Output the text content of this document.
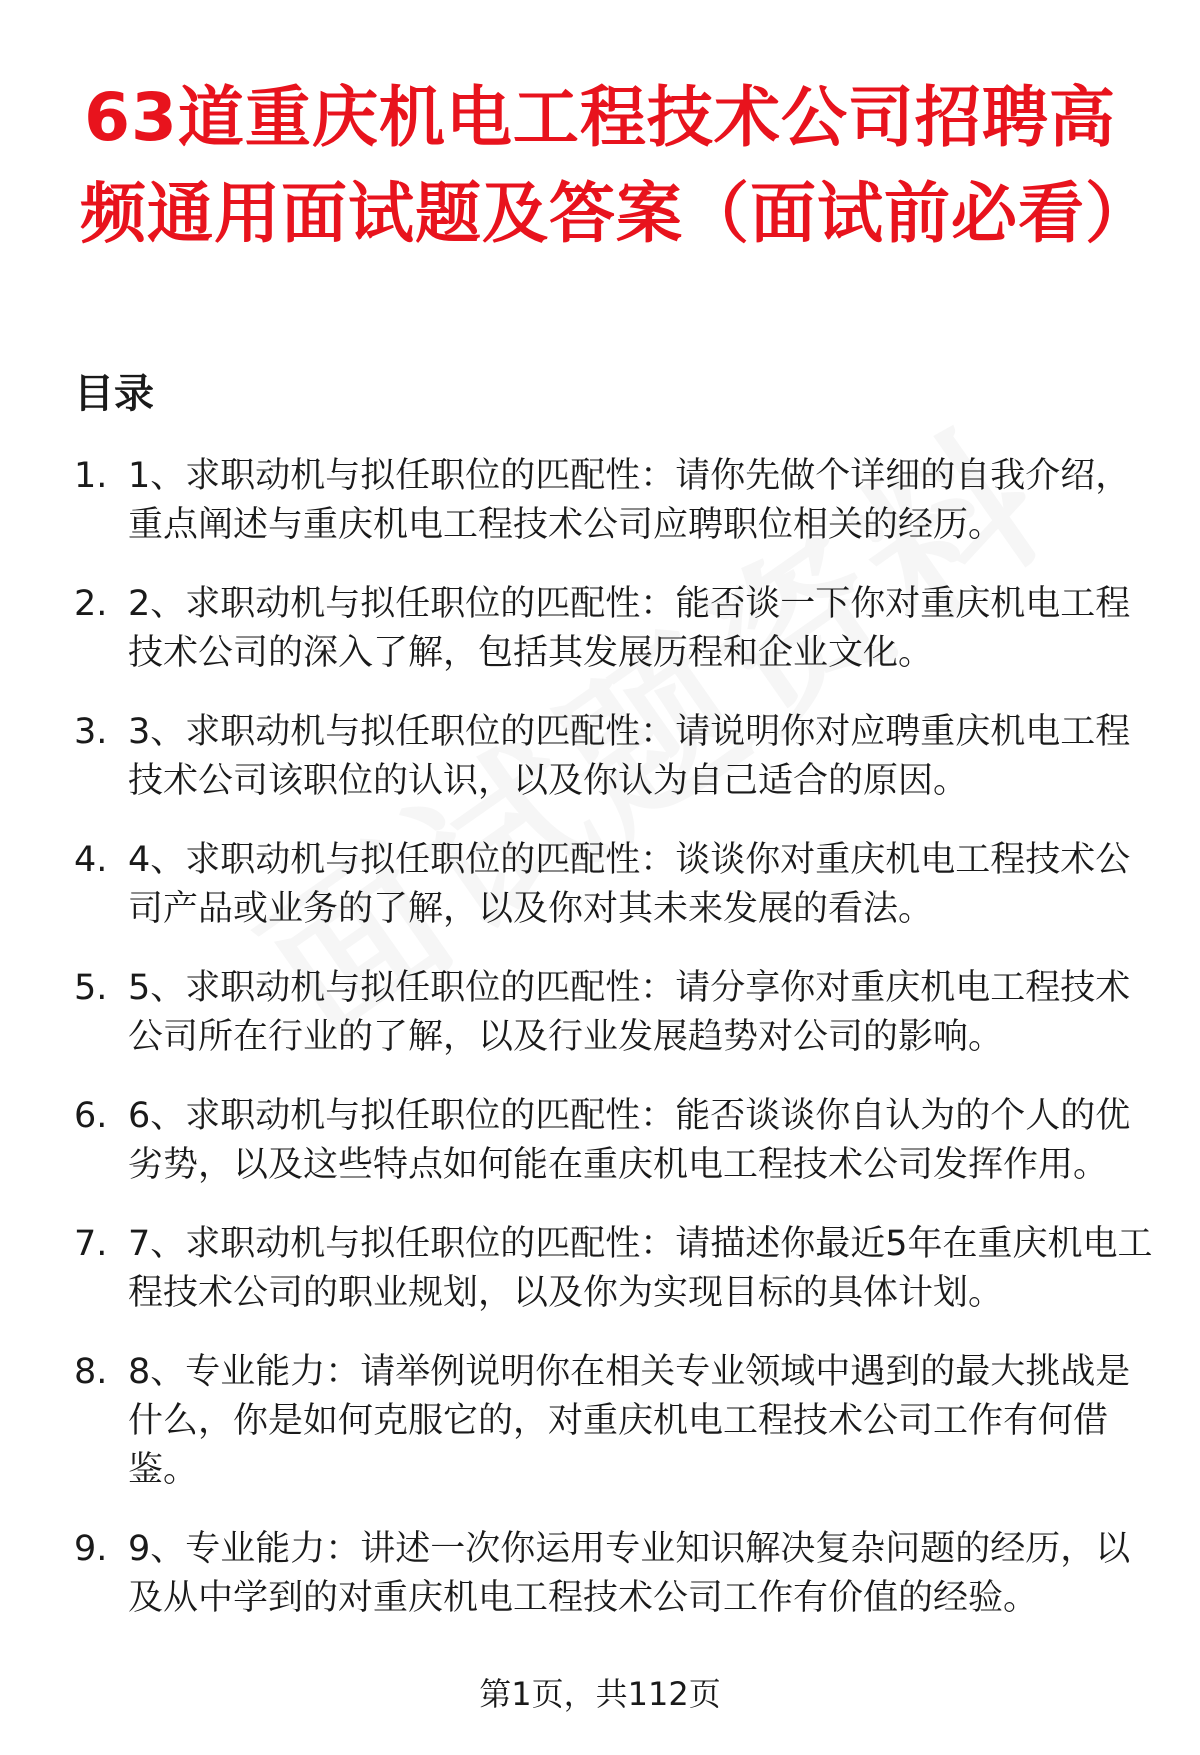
63道重庆机电工程技术公司招聘高频通用面试题及答案（面试前必看）
目录
1. 1、求职动机与拟任职位的匹配性：请你先做个详细的自我介绍，重点阐述与重庆机电工程技术公司应聘职位相关的经历。
2. 2、求职动机与拟任职位的匹配性：能否谈一下你对重庆机电工程技术公司的深入了解，包括其发展历程和企业文化。
3. 3、求职动机与拟任职位的匹配性：请说明你对应聘重庆机电工程技术公司该职位的认识，以及你认为自己适合的原因。
4. 4、求职动机与拟任职位的匹配性：谈谈你对重庆机电工程技术公司产品或业务的了解，以及你对其未来发展的看法。
5. 5、求职动机与拟任职位的匹配性：请分享你对重庆机电工程技术公司所在行业的了解，以及行业发展趋势对公司的影响。
6. 6、求职动机与拟任职位的匹配性：能否谈谈你自认为的个人的优劣势，以及这些特点如何能在重庆机电工程技术公司发挥作用。
7. 7、求职动机与拟任职位的匹配性：请描述你最近5年在重庆机电工程技术公司的职业规划，以及你为实现目标的具体计划。
8. 8、专业能力：请举例说明你在相关专业领域中遇到的最大挑战是什么，你是如何克服它的，对重庆机电工程技术公司工作有何借鉴。
9. 9、专业能力：讲述一次你运用专业知识解决复杂问题的经历，以及从中学到的对重庆机电工程技术公司工作有价值的经验。
第1页，共112页
